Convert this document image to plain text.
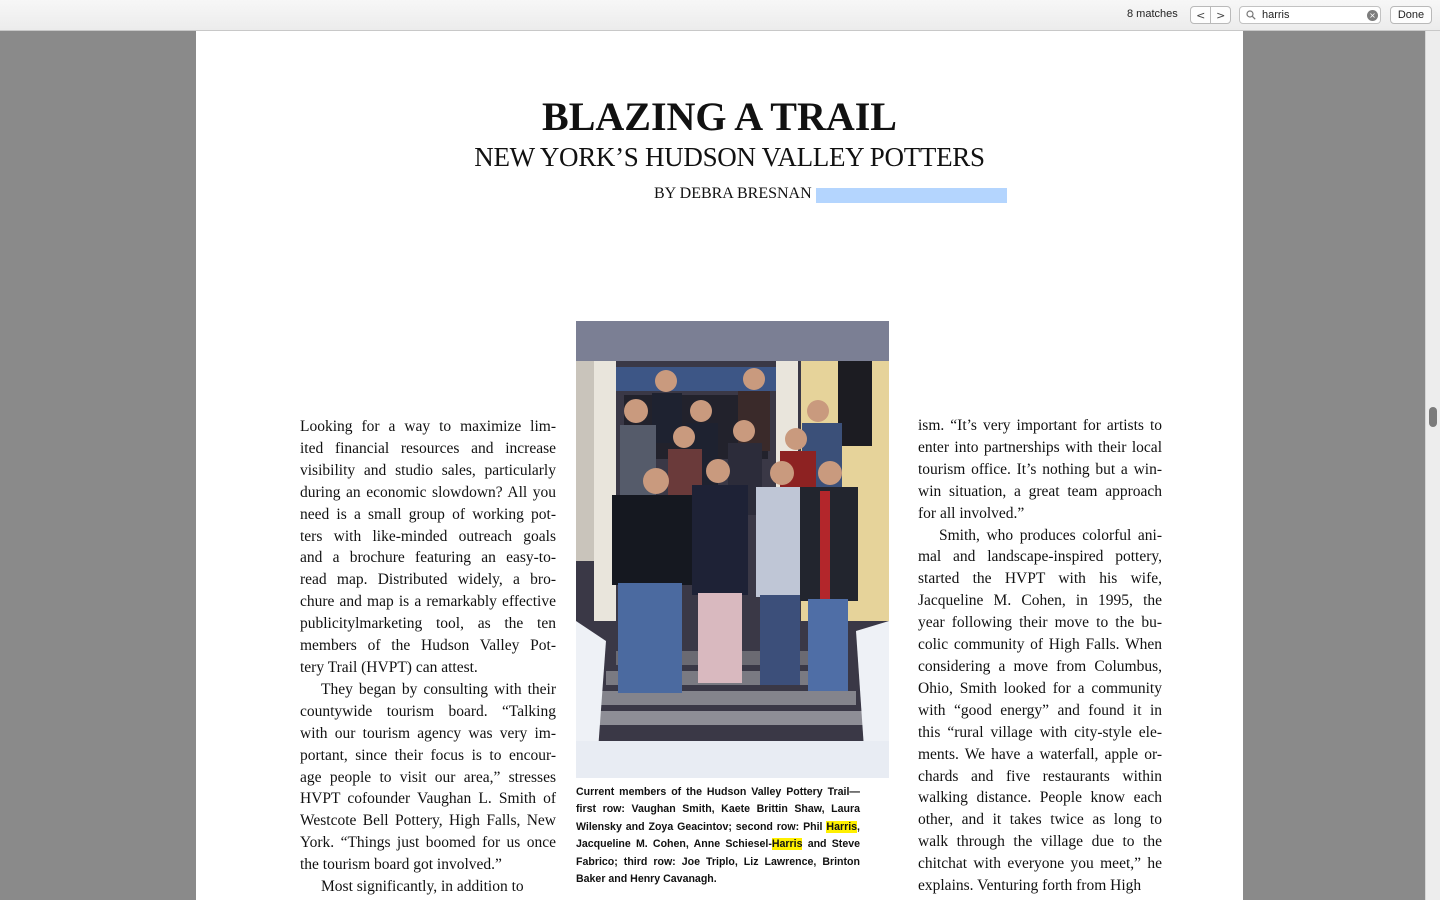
8 matches < >
harris	×	Done
BLAZING A TRAIL
NEW YORK’S HUDSON VALLEY POTTERS
BY DEBRA BRESNAN
Looking for a way to maximize lim-
ited financial resources and increase
visibility and studio sales, particularly
during an economic slowdown? All you
need is a small group of working pot-
ters with like-minded outreach goals
and a brochure featuring an easy-to-
read map. Distributed widely, a bro-
chure and map is a remarkably effective
publicitylmarketing tool, as the ten
members of the Hudson Valley Pot-
tery Trail (HVPT) can attest.
They began by consulting with their
countywide tourism board. “Talking
with our tourism agency was very im-
portant, since their focus is to encour-
age people to visit our area,” stresses
HVPT cofounder Vaughan L. Smith of
Westcote Bell Pottery, High Falls, New
York. “Things just boomed for us once
the tourism board got involved.”
Most significantly, in addition to
Current members of the Hudson Valley Pottery Trail—
first row: Vaughan Smith, Kaete Brittin Shaw, Laura
Wilensky and Zoya Geacintov; second row: Phil Harris,
Jacqueline M. Cohen, Anne Schiesel-Harris and Steve
Fabrico; third row: Joe Triplo, Liz Lawrence, Brinton
Baker and Henry Cavanagh.
ism. “It’s very important for artists to
enter into partnerships with their local
tourism office. It’s nothing but a win-
win situation, a great team approach
for all involved.”
Smith, who produces colorful ani-
mal and landscape-inspired pottery,
started the HVPT with his wife,
Jacqueline M. Cohen, in 1995, the
year following their move to the bu-
colic community of High Falls. When
considering a move from Columbus,
Ohio, Smith looked for a community
with “good energy” and found it in
this “rural village with city-style ele-
ments. We have a waterfall, apple or-
chards and five restaurants within
walking distance. People know each
other, and it takes twice as long to
walk through the village due to the
chitchat with everyone you meet,” he
explains. Venturing forth from High
